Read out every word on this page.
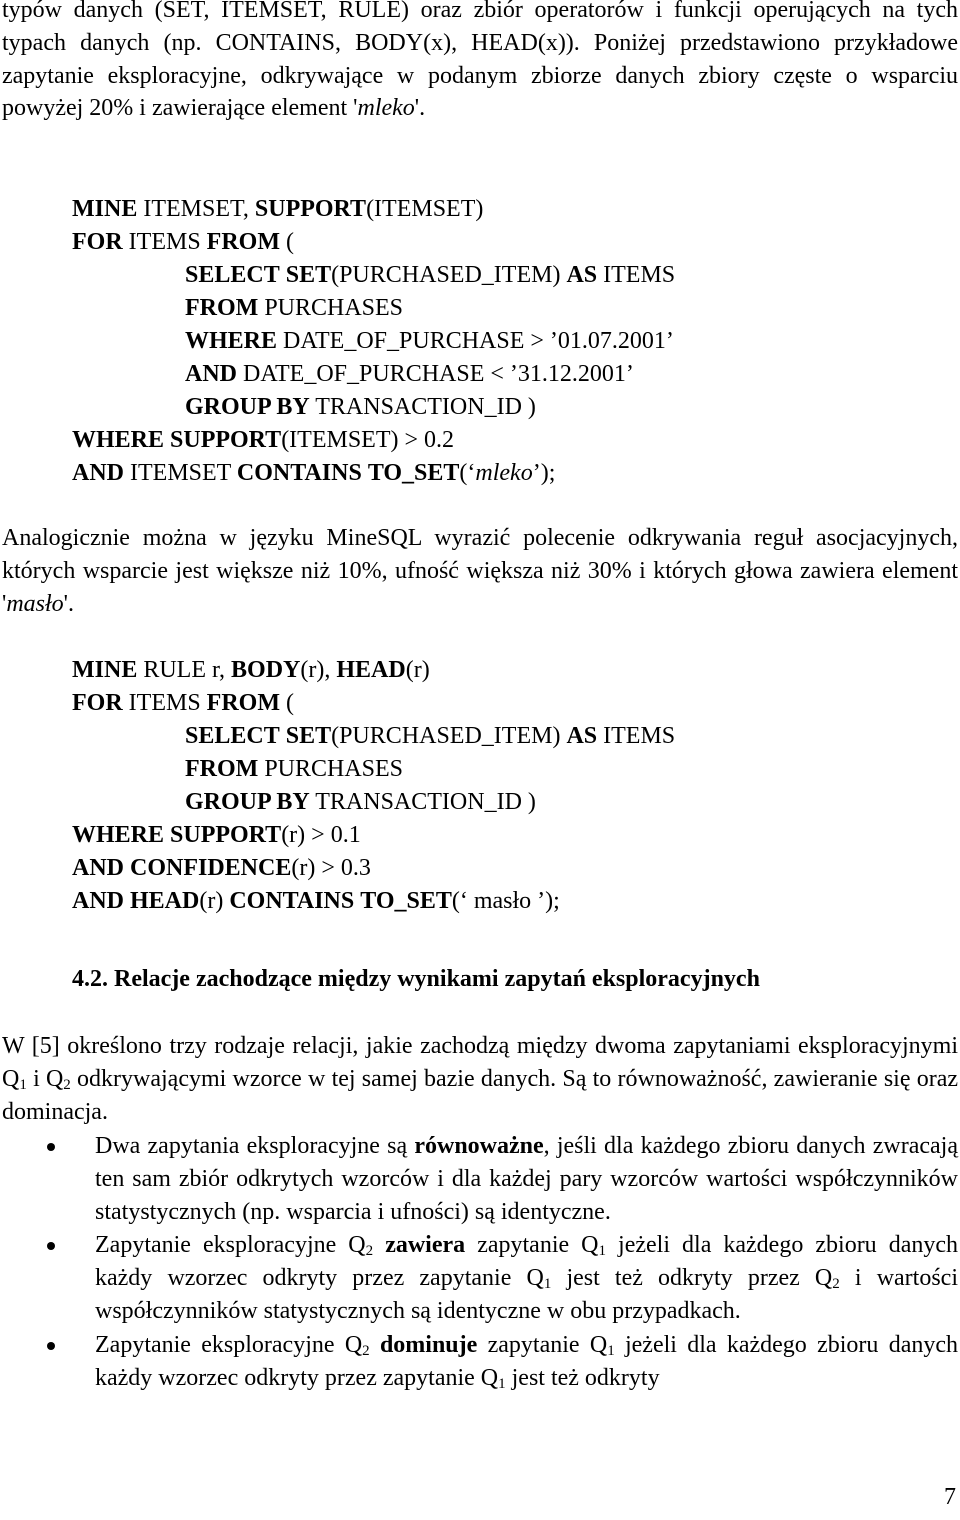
typów danych (SET, ITEMSET, RULE) oraz zbiór operatorów i funkcji operujących na tych typach danych (np. CONTAINS, BODY(x), HEAD(x)). Poniżej przedstawiono przykładowe zapytanie eksploracyjne, odkrywające w podanym zbiorze danych zbiory częste o wsparciu powyżej 20% i zawierające element 'mleko'.

MINE ITEMSET, SUPPORT(ITEMSET)
FOR ITEMS FROM (
SELECT SET(PURCHASED_ITEM) AS ITEMS
FROM PURCHASES
WHERE DATE_OF_PURCHASE > ’01.07.2001’
AND DATE_OF_PURCHASE < ’31.12.2001’
GROUP BY TRANSACTION_ID )
WHERE SUPPORT(ITEMSET) > 0.2
AND ITEMSET CONTAINS TO_SET(‘mleko’);

Analogicznie można w języku MineSQL wyrazić polecenie odkrywania reguł asocjacyjnych, których wsparcie jest większe niż 10%, ufność większa niż 30% i których głowa zawiera element 'masło'.

MINE RULE r, BODY(r), HEAD(r)
FOR ITEMS FROM (
SELECT SET(PURCHASED_ITEM) AS ITEMS
FROM PURCHASES
GROUP BY TRANSACTION_ID )
WHERE SUPPORT(r) > 0.1
AND CONFIDENCE(r) > 0.3
AND HEAD(r) CONTAINS TO_SET(‘ masło ’);
4.2. Relacje zachodzące między wynikami zapytań eksploracyjnych

W [5] określono trzy rodzaje relacji, jakie zachodzą między dwoma zapytaniami eksploracyjnymi $Q_1$ i $Q_2$ odkrywającymi wzorce w tej samej bazie danych. Są to równoważność, zawieranie się oraz dominacja.

Dwa zapytania eksploracyjne są równoważne, jeśli dla każdego zbioru danych zwracają ten sam zbiór odkrytych wzorców i dla każdej pary wzorców wartości współczynników statystycznych (np. wsparcia i ufności) są identyczne.
Zapytanie eksploracyjne $Q_2$ zawiera zapytanie $Q_1$ jeżeli dla każdego zbioru danych każdy wzorzec odkryty przez zapytanie $Q_1$ jest też odkryty przez $Q_2$ i wartości współczynników statystycznych są identyczne w obu przypadkach.
Zapytanie eksploracyjne $Q_2$ dominuje zapytanie $Q_1$ jeżeli dla każdego zbioru danych każdy wzorzec odkryty przez zapytanie $Q_1$ jest też odkryty
7
